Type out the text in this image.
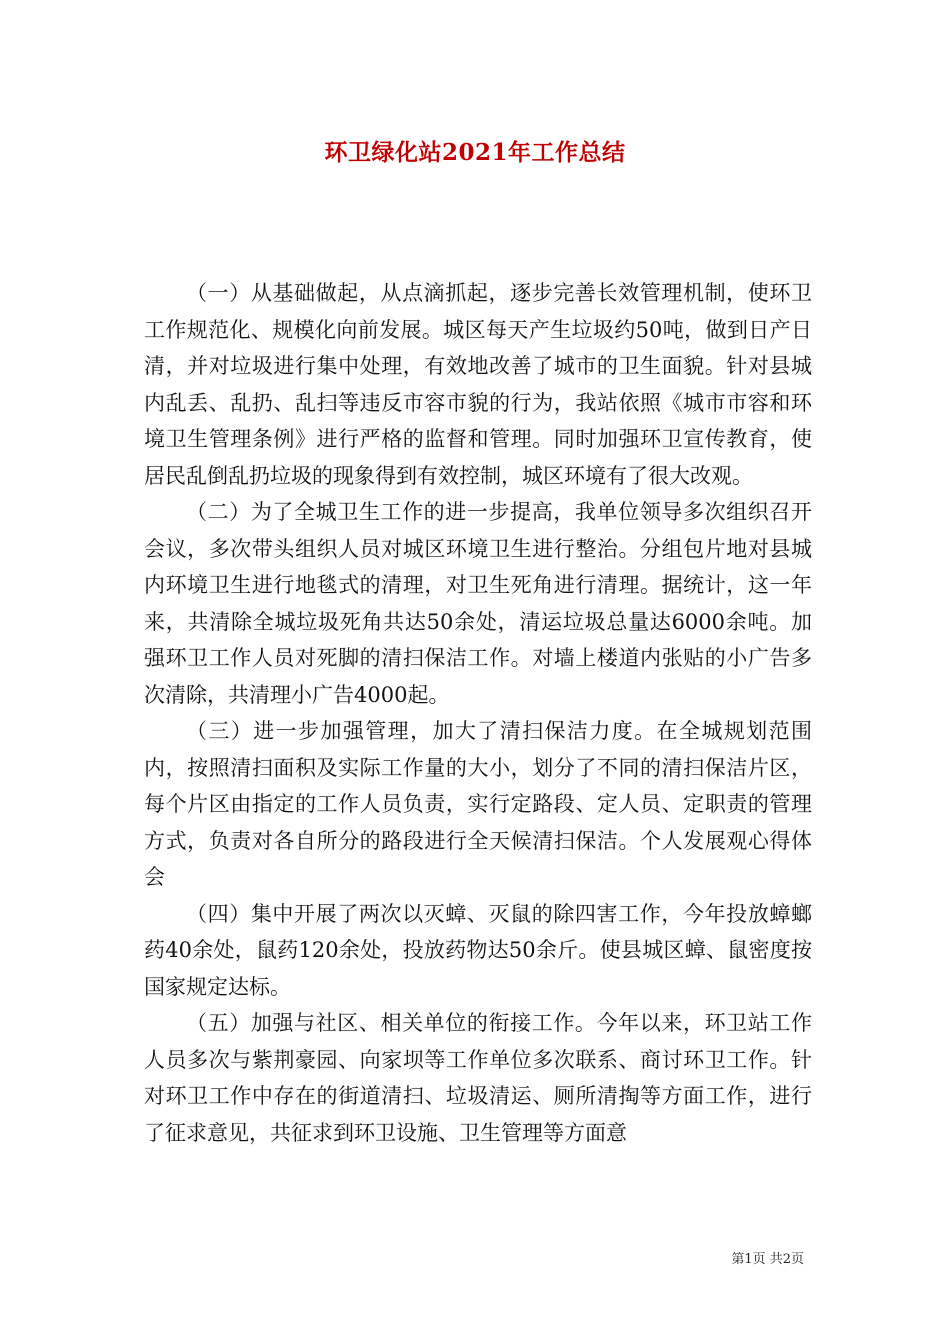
环卫绿化站2021年工作总结

（一）从基础做起，从点滴抓起，逐步完善长效管理机制，使环卫工作规范化、规模化向前发展。城区每天产生垃圾约50吨，做到日产日清，并对垃圾进行集中处理，有效地改善了城市的卫生面貌。针对县城内乱丢、乱扔、乱扫等违反市容市貌的行为，我站依照《城市市容和环境卫生管理条例》进行严格的监督和管理。同时加强环卫宣传教育，使居民乱倒乱扔垃圾的现象得到有效控制，城区环境有了很大改观。

（二）为了全城卫生工作的进一步提高，我单位领导多次组织召开会议，多次带头组织人员对城区环境卫生进行整治。分组包片地对县城内环境卫生进行地毯式的清理，对卫生死角进行清理。据统计，这一年来，共清除全城垃圾死角共达50余处，清运垃圾总量达6000余吨。加强环卫工作人员对死脚的清扫保洁工作。对墙上楼道内张贴的小广告多次清除，共清理小广告4000起。

（三）进一步加强管理，加大了清扫保洁力度。在全城规划范围内，按照清扫面积及实际工作量的大小，划分了不同的清扫保洁片区，每个片区由指定的工作人员负责，实行定路段、定人员、定职责的管理方式，负责对各自所分的路段进行全天候清扫保洁。个人发展观心得体会

（四）集中开展了两次以灭蟑、灭鼠的除四害工作，今年投放蟑螂药40余处，鼠药120余处，投放药物达50余斤。使县城区蟑、鼠密度按国家规定达标。

（五）加强与社区、相关单位的衔接工作。今年以来，环卫站工作人员多次与紫荆豪园、向家坝等工作单位多次联系、商讨环卫工作。针对环卫工作中存在的街道清扫、垃圾清运、厕所清掏等方面工作，进行了征求意见，共征求到环卫设施、卫生管理等方面意

第1页 共2页
